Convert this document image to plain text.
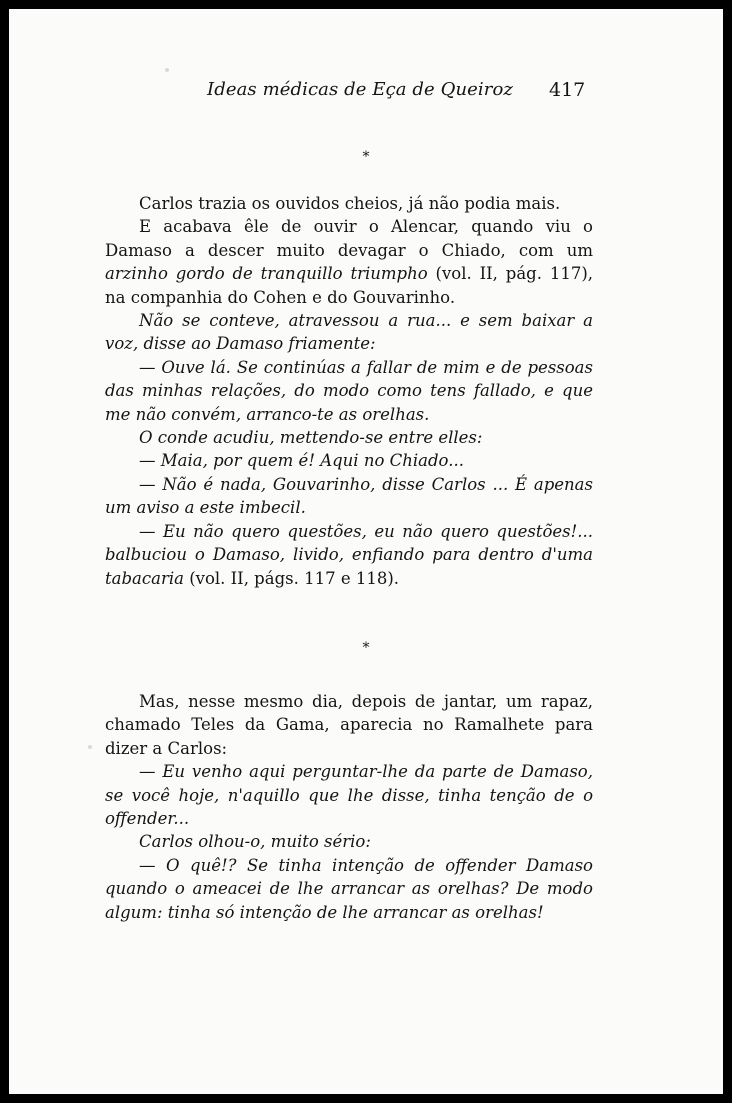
Ideas médicas de Eça de Queiroz 417
*

Carlos trazia os ouvidos cheios, já não podia mais.

E acabava êle de ouvir o Alencar, quando viu o Damaso a descer muito devagar o Chiado, com um arzinho gordo de tranquillo triumpho (vol. II, pág. 117), na companhia do Cohen e do Gouvarinho.

Não se conteve, atravessou a rua... e sem baixar a voz, disse ao Damaso friamente:

— Ouve lá. Se continúas a fallar de mim e de pessoas das minhas relações, do modo como tens fallado, e que me não convém, arranco-te as orelhas.

O conde acudiu, mettendo-se entre elles:

— Maia, por quem é! Aqui no Chiado...

— Não é nada, Gouvarinho, disse Carlos ... É apenas um aviso a este imbecil.

— Eu não quero questões, eu não quero questões!... balbuciou o Damaso, livido, enfiando para dentro d'uma tabacaria (vol. II, págs. 117 e 118).

*

Mas, nesse mesmo dia, depois de jantar, um rapaz, chamado Teles da Gama, aparecia no Ramalhete para dizer a Carlos:

— Eu venho aqui perguntar-lhe da parte de Damaso, se você hoje, n'aquillo que lhe disse, tinha tenção de o offender...

Carlos olhou-o, muito sério:

— O quê!? Se tinha intenção de offender Damaso quando o ameacei de lhe arrancar as orelhas? De modo algum: tinha só intenção de lhe arrancar as orelhas!
